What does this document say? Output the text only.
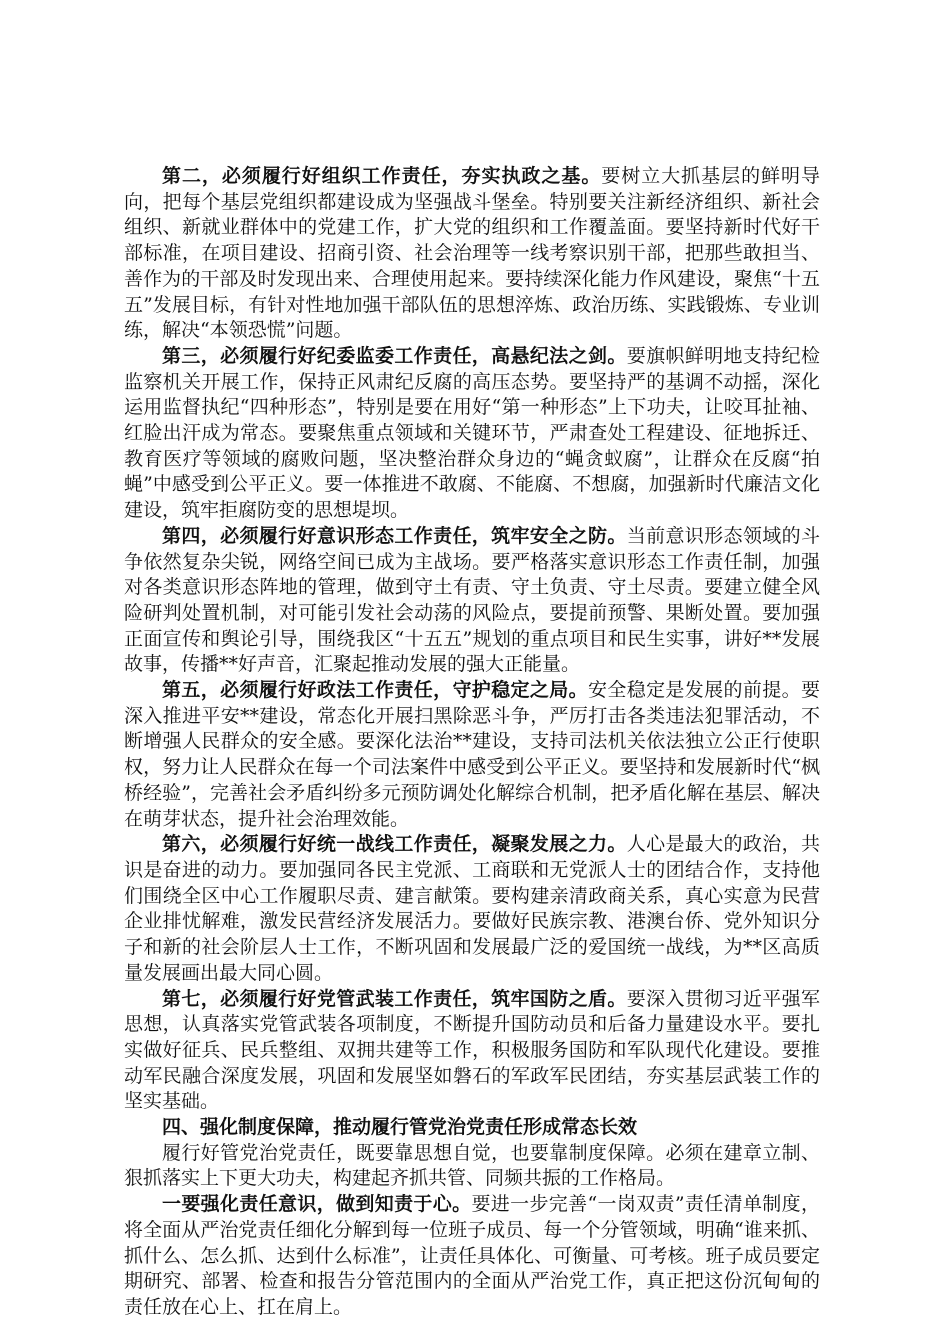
第二，必须履行好组织工作责任，夯实执政之基。要树立大抓基层的鲜明导向，把每个基层党组织都建设成为坚强战斗堡垒。特别要关注新经济组织、新社会组织、新就业群体中的党建工作，扩大党的组织和工作覆盖面。要坚持新时代好干部标准，在项目建设、招商引资、社会治理等一线考察识别干部，把那些敢担当、善作为的干部及时发现出来、合理使用起来。要持续深化能力作风建设，聚焦“十五五”发展目标，有针对性地加强干部队伍的思想淬炼、政治历练、实践锻炼、专业训练，解决“本领恐慌”问题。

第三，必须履行好纪委监委工作责任，高悬纪法之剑。要旗帜鲜明地支持纪检监察机关开展工作，保持正风肃纪反腐的高压态势。要坚持严的基调不动摇，深化运用监督执纪“四种形态”，特别是要在用好“第一种形态”上下功夫，让咬耳扯袖、红脸出汗成为常态。要聚焦重点领域和关键环节，严肃查处工程建设、征地拆迁、教育医疗等领域的腐败问题，坚决整治群众身边的“蝇贪蚁腐”，让群众在反腐“拍蝇”中感受到公平正义。要一体推进不敢腐、不能腐、不想腐，加强新时代廉洁文化建设，筑牢拒腐防变的思想堤坝。

第四，必须履行好意识形态工作责任，筑牢安全之防。当前意识形态领域的斗争依然复杂尖锐，网络空间已成为主战场。要严格落实意识形态工作责任制，加强对各类意识形态阵地的管理，做到守土有责、守土负责、守土尽责。要建立健全风险研判处置机制，对可能引发社会动荡的风险点，要提前预警、果断处置。要加强正面宣传和舆论引导，围绕我区“十五五”规划的重点项目和民生实事，讲好**发展故事，传播**好声音，汇聚起推动发展的强大正能量。

第五，必须履行好政法工作责任，守护稳定之局。安全稳定是发展的前提。要深入推进平安**建设，常态化开展扫黑除恶斗争，严厉打击各类违法犯罪活动，不断增强人民群众的安全感。要深化法治**建设，支持司法机关依法独立公正行使职权，努力让人民群众在每一个司法案件中感受到公平正义。要坚持和发展新时代“枫桥经验”，完善社会矛盾纠纷多元预防调处化解综合机制，把矛盾化解在基层、解决在萌芽状态，提升社会治理效能。

第六，必须履行好统一战线工作责任，凝聚发展之力。人心是最大的政治，共识是奋进的动力。要加强同各民主党派、工商联和无党派人士的团结合作，支持他们围绕全区中心工作履职尽责、建言献策。要构建亲清政商关系，真心实意为民营企业排忧解难，激发民营经济发展活力。要做好民族宗教、港澳台侨、党外知识分子和新的社会阶层人士工作，不断巩固和发展最广泛的爱国统一战线，为**区高质量发展画出最大同心圆。

第七，必须履行好党管武装工作责任，筑牢国防之盾。要深入贯彻习近平强军思想，认真落实党管武装各项制度，不断提升国防动员和后备力量建设水平。要扎实做好征兵、民兵整组、双拥共建等工作，积极服务国防和军队现代化建设。要推动军民融合深度发展，巩固和发展坚如磐石的军政军民团结，夯实基层武装工作的坚实基础。

四、强化制度保障，推动履行管党治党责任形成常态长效

履行好管党治党责任，既要靠思想自觉，也要靠制度保障。必须在建章立制、狠抓落实上下更大功夫，构建起齐抓共管、同频共振的工作格局。

一要强化责任意识，做到知责于心。要进一步完善“一岗双责”责任清单制度，将全面从严治党责任细化分解到每一位班子成员、每一个分管领域，明确“谁来抓、抓什么、怎么抓、达到什么标准”，让责任具体化、可衡量、可考核。班子成员要定期研究、部署、检查和报告分管范围内的全面从严治党工作，真正把这份沉甸甸的责任放在心上、扛在肩上。
